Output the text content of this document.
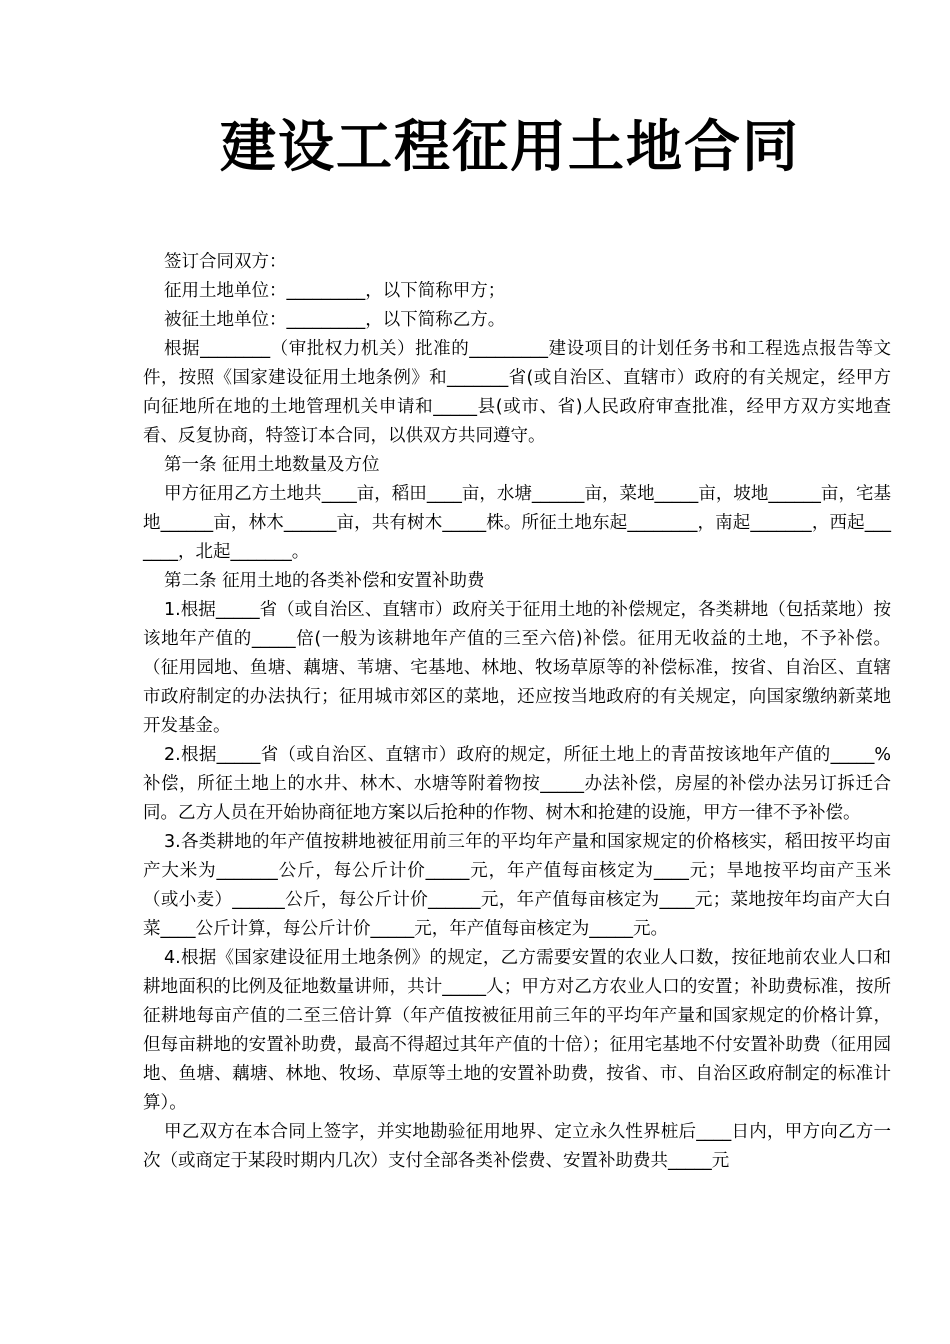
建设工程征用土地合同

签订合同双方：

征用土地单位：_________，以下简称甲方；

被征土地单位：_________，以下简称乙方。

根据________（审批权力机关）批准的_________建设项目的计划任务书和工程选点报告等文件，按照《国家建设征用土地条例》和_______省(或自治区、直辖市）政府的有关规定，经甲方向征地所在地的土地管理机关申请和_____县(或市、省)人民政府审查批准，经甲方双方实地查看、反复协商，特签订本合同，以供双方共同遵守。

第一条 征用土地数量及方位

甲方征用乙方土地共____亩，稻田____亩，水塘______亩，菜地_____亩，坡地______亩，宅基地______亩，林木______亩，共有树木_____株。所征土地东起________，南起_______，西起_______，北起_______。

第二条 征用土地的各类补偿和安置补助费

1.根据_____省（或自治区、直辖市）政府关于征用土地的补偿规定，各类耕地（包括菜地）按该地年产值的_____倍(一般为该耕地年产值的三至六倍)补偿。征用无收益的土地，不予补偿。（征用园地、鱼塘、藕塘、苇塘、宅基地、林地、牧场草原等的补偿标准，按省、自治区、直辖市政府制定的办法执行；征用城市郊区的菜地，还应按当地政府的有关规定，向国家缴纳新菜地开发基金。

2.根据_____省（或自治区、直辖市）政府的规定，所征土地上的青苗按该地年产值的_____%补偿，所征土地上的水井、林木、水塘等附着物按_____办法补偿，房屋的补偿办法另订拆迁合同。乙方人员在开始协商征地方案以后抢种的作物、树木和抢建的设施，甲方一律不予补偿。

3.各类耕地的年产值按耕地被征用前三年的平均年产量和国家规定的价格核实，稻田按平均亩产大米为_______公斤，每公斤计价_____元，年产值每亩核定为____元；旱地按平均亩产玉米（或小麦）______公斤，每公斤计价______元，年产值每亩核定为____元；菜地按年均亩产大白菜____公斤计算，每公斤计价_____元，年产值每亩核定为_____元。

4.根据《国家建设征用土地条例》的规定，乙方需要安置的农业人口数，按征地前农业人口和耕地面积的比例及征地数量讲师，共计_____人；甲方对乙方农业人口的安置；补助费标准，按所征耕地每亩产值的二至三倍计算（年产值按被征用前三年的平均年产量和国家规定的价格计算，但每亩耕地的安置补助费，最高不得超过其年产值的十倍）；征用宅基地不付安置补助费（征用园地、鱼塘、藕塘、林地、牧场、草原等土地的安置补助费，按省、市、自治区政府制定的标准计算）。

甲乙双方在本合同上签字，并实地勘验征用地界、定立永久性界桩后____日内，甲方向乙方一次（或商定于某段时期内几次）支付全部各类补偿费、安置补助费共_____元
